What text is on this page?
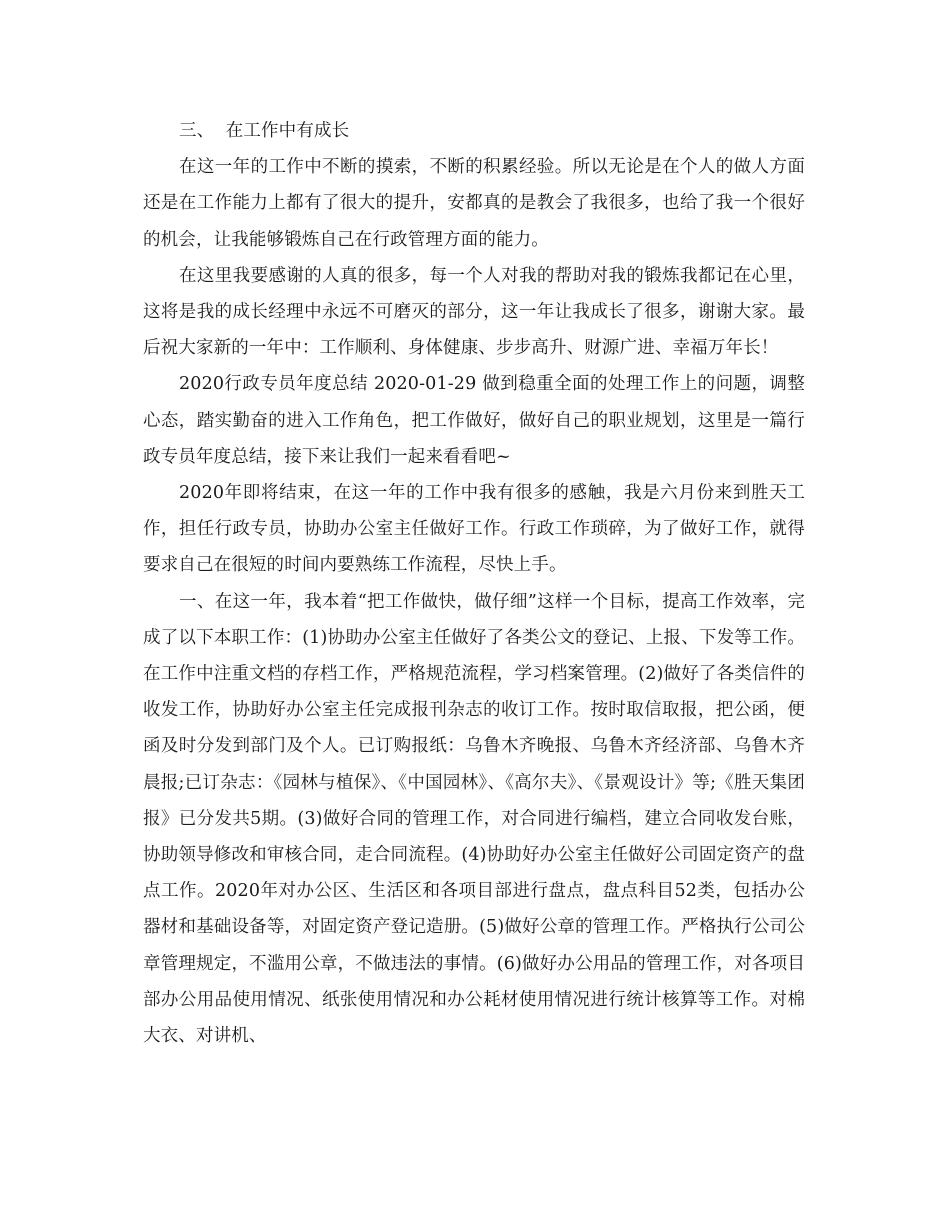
三、  在工作中有成长

在这一年的工作中不断的摸索，不断的积累经验。所以无论是在个人的做人方面还是在工作能力上都有了很大的提升，安都真的是教会了我很多，也给了我一个很好的机会，让我能够锻炼自己在行政管理方面的能力。

在这里我要感谢的人真的很多，每一个人对我的帮助对我的锻炼我都记在心里，这将是我的成长经理中永远不可磨灭的部分，这一年让我成长了很多，谢谢大家。最后祝大家新的一年中：工作顺利、身体健康、步步高升、财源广进、幸福万年长！

2020行政专员年度总结 2020-01-29 做到稳重全面的处理工作上的问题，调整心态，踏实勤奋的进入工作角色，把工作做好，做好自己的职业规划，这里是一篇行政专员年度总结，接下来让我们一起来看看吧~

2020年即将结束，在这一年的工作中我有很多的感触，我是六月份来到胜天工作，担任行政专员，协助办公室主任做好工作。行政工作琐碎，为了做好工作，就得要求自己在很短的时间内要熟练工作流程，尽快上手。

一、在这一年，我本着“把工作做快，做仔细”这样一个目标，提高工作效率，完成了以下本职工作：(1)协助办公室主任做好了各类公文的登记、上报、下发等工作。在工作中注重文档的存档工作，严格规范流程，学习档案管理。(2)做好了各类信件的收发工作，协助好办公室主任完成报刊杂志的收订工作。按时取信取报，把公函，便函及时分发到部门及个人。已订购报纸：乌鲁木齐晚报、乌鲁木齐经济部、乌鲁木齐晨报;已订杂志：《园林与植保》、《中国园林》、《高尔夫》、《景观设计》等;《胜天集团报》已分发共5期。(3)做好合同的管理工作，对合同进行编档，建立合同收发台账，协助领导修改和审核合同，走合同流程。(4)协助好办公室主任做好公司固定资产的盘点工作。2020年对办公区、生活区和各项目部进行盘点，盘点科目52类，包括办公器材和基础设备等，对固定资产登记造册。(5)做好公章的管理工作。严格执行公司公章管理规定，不滥用公章，不做违法的事情。(6)做好办公用品的管理工作，对各项目部办公用品使用情况、纸张使用情况和办公耗材使用情况进行统计核算等工作。对棉大衣、对讲机、
